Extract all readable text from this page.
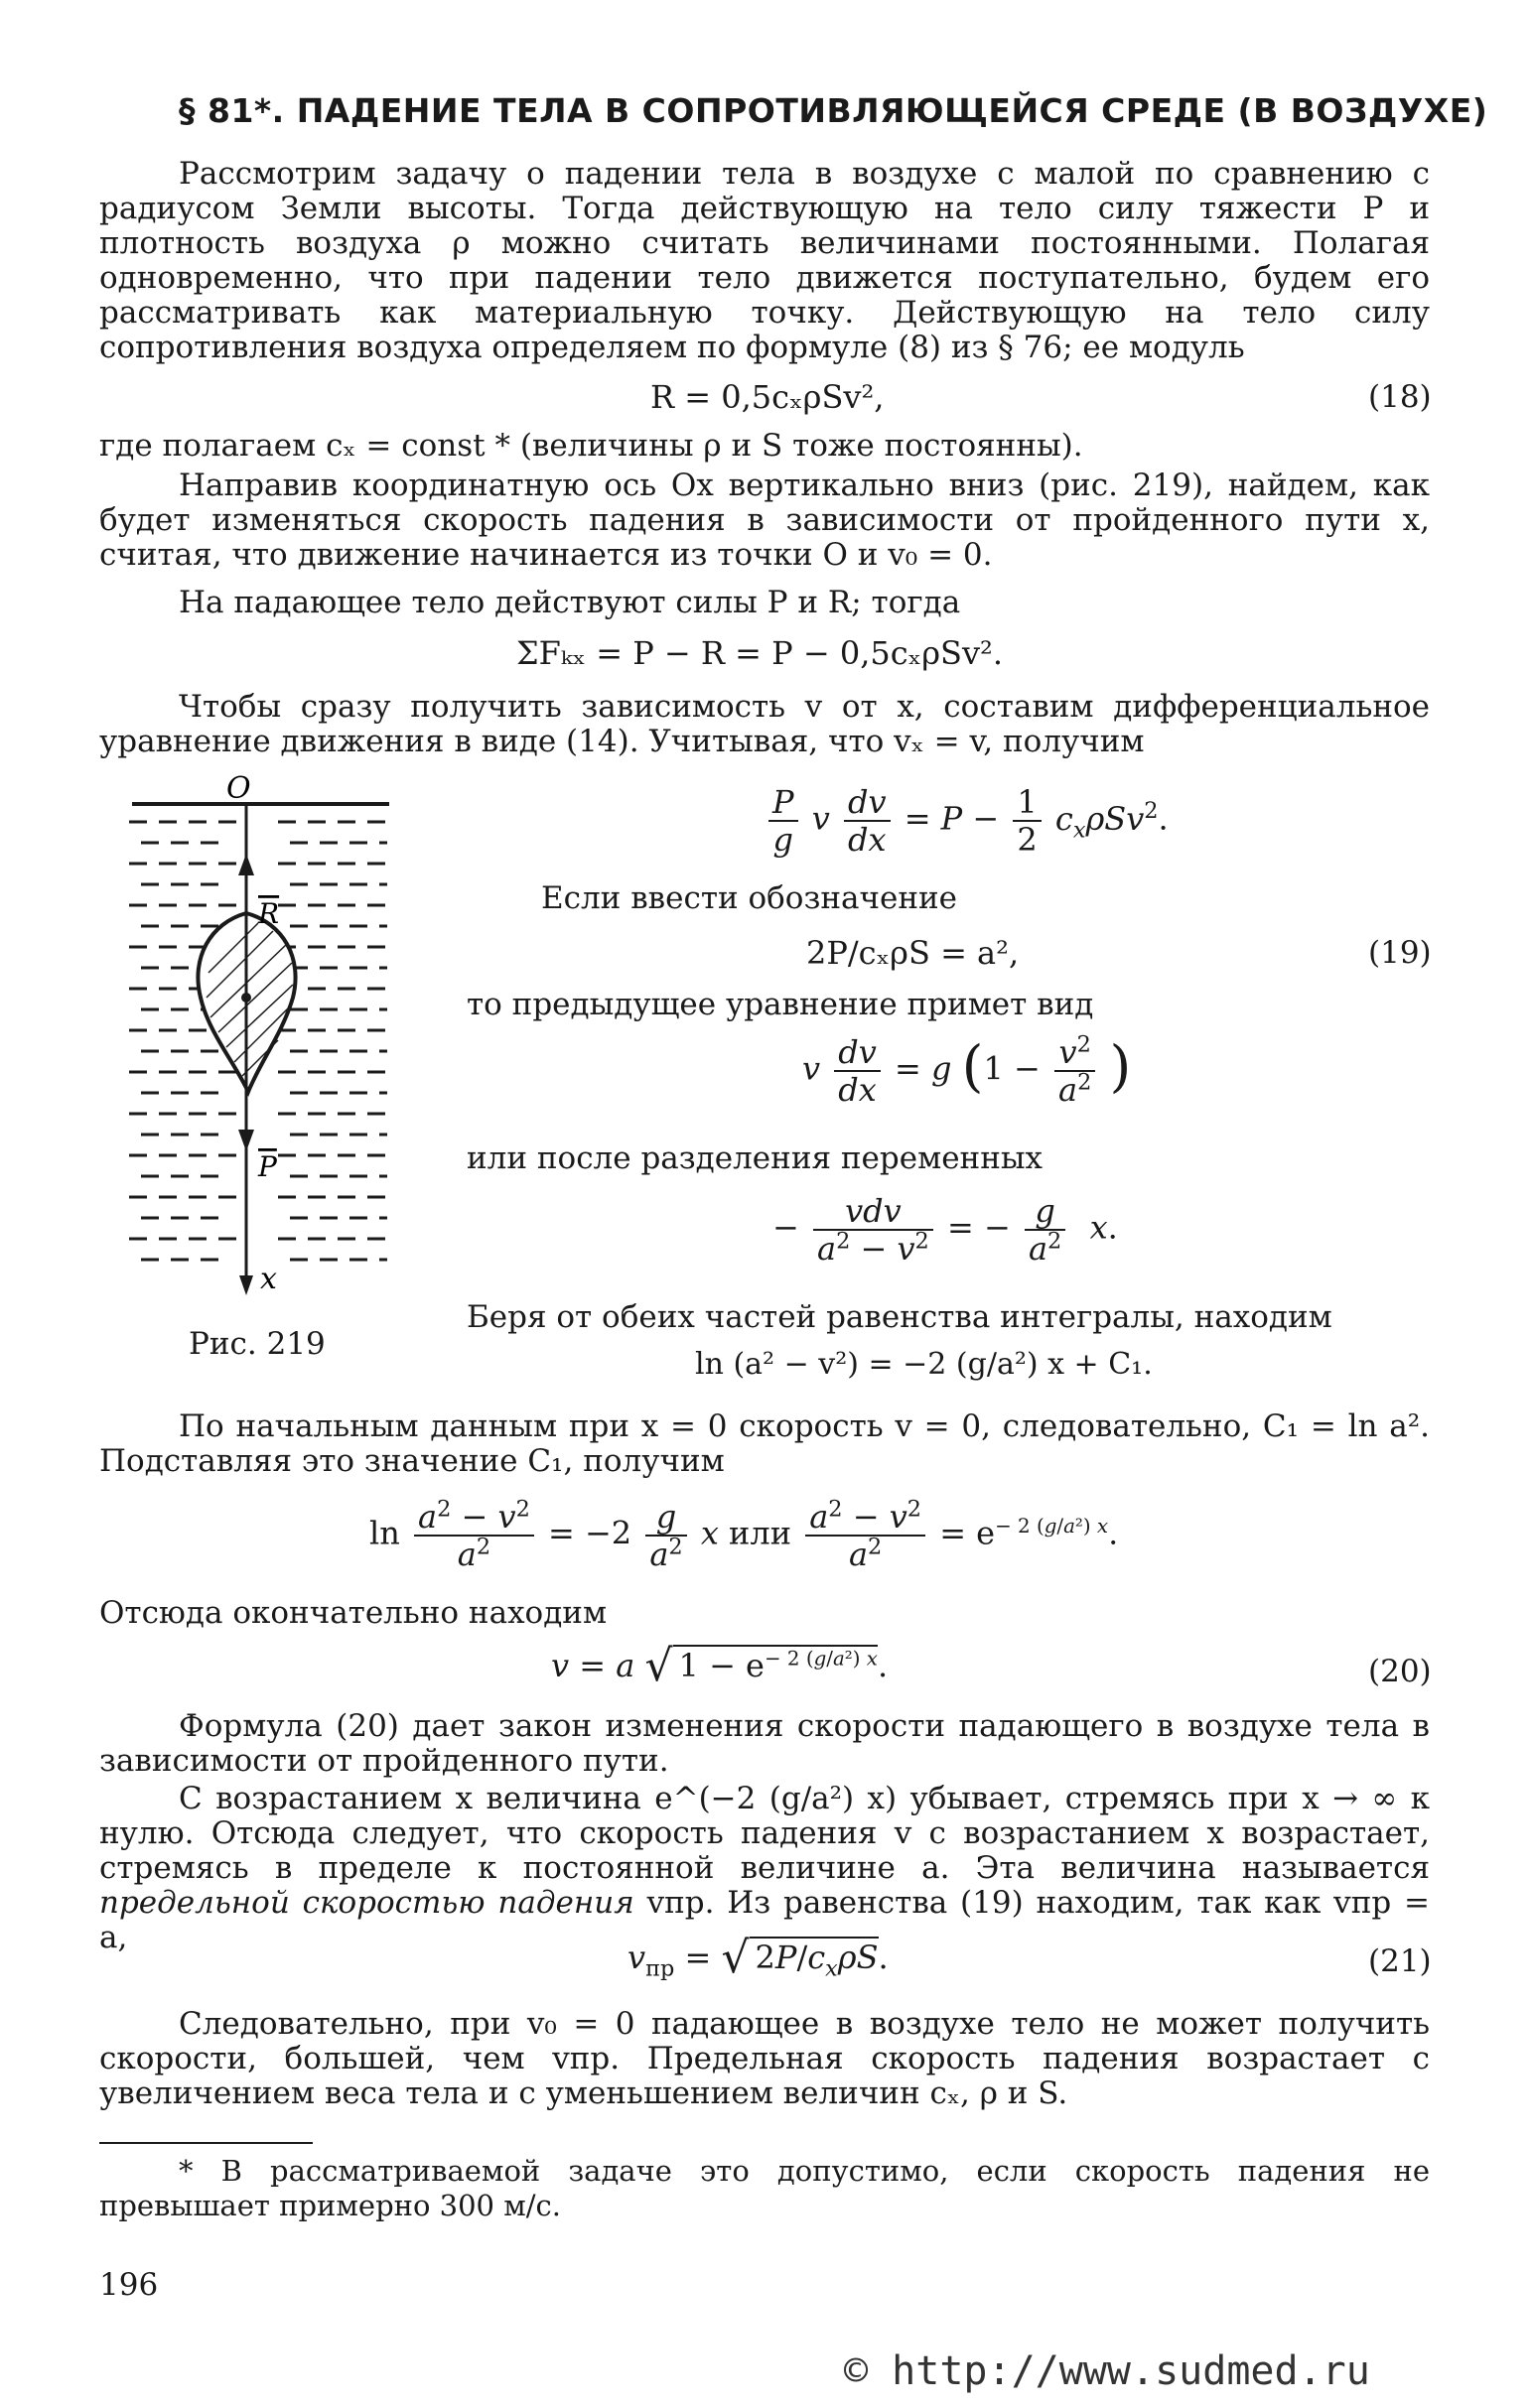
§ 81*. ПАДЕНИЕ ТЕЛА В СОПРОТИВЛЯЮЩЕЙСЯ СРЕДЕ (В ВОЗДУХЕ)
Рассмотрим задачу о падении тела в воздухе с малой по сравнению с радиусом Земли высоты. Тогда действующую на тело силу тяжести P и плотность воздуха ρ можно считать величинами постоянными. Полагая одновременно, что при падении тело движется поступательно, будем его рассматривать как материальную точку. Действующую на тело силу сопротивления воздуха определяем по формуле (8) из § 76; ее модуль
R = 0,5cₓρSv²,	(18)
где полагаем cₓ = const * (величины ρ и S тоже постоянны).
Направив координатную ось Ox вертикально вниз (рис. 219), найдем, как будет изменяться скорость падения в зависимости от пройденного пути x, считая, что движение начинается из точки O и v₀ = 0.
На падающее тело действуют силы P и R; тогда
ΣFₖₓ = P − R = P − 0,5cₓρSv².
Чтобы сразу получить зависимость v от x, составим дифференциальное уравнение движения в виде (14). Учитывая, что vₓ = v, получим
O
R
P
x
Рис. 219
$\frac{P}{g}$ v $\frac{dv}{dx} = P - \frac{1}{2} c_x\rho Sv^2$.
Если ввести обозначение
2P/cₓρS = a²,	(19)
то предыдущее уравнение примет вид
v $\frac{dv}{dx} = g$ ($1 - \frac{v^2}{a^2}$ )
или после разделения переменных
− $\frac{\text{vdv}}{a^2 - v^2}$ = − $\frac{g}{a^2} x$.
Беря от обеих частей равенства интегралы, находим
ln (a² − v²) = −2 (g/a²) x + C₁.
По начальным данным при x = 0 скорость v = 0, следовательно, C₁ = ln a². Подставляя это значение C₁, получим
$\ln \frac{a^2 - v^2}{a^2} = -2 \frac{g}{a^2}$ x или $\frac{a^2 - v^2}{a^2} = e^{- 2 (g/a^2) x}$.
Отсюда окончательно находим
v = a √ $1 - e^{- 2 (g/a^2) x}$.	(20)
Формула (20) дает закон изменения скорости падающего в воздухе тела в зависимости от пройденного пути.
С возрастанием x величина e^(−2 (g/a²) x) убывает, стремясь при x → ∞ к нулю. Отсюда следует, что скорость падения v с возрастанием x возрастает, стремясь в пределе к постоянной величине a. Эта величина называется предельной скоростью падения vпр. Из равенства (19) находим, так как vпр = a,
$v_{пр}$ = √ $2P/c_x\rho S$.	(21)
Следовательно, при v₀ = 0 падающее в воздухе тело не может получить скорости, большей, чем vпр. Предельная скорость падения возрастает с увеличением веса тела и с уменьшением величин cₓ, ρ и S.
* В рассматриваемой задаче это допустимо, если скорость падения не превышает примерно 300 м/с.
196
© http://www.sudmed.ru
